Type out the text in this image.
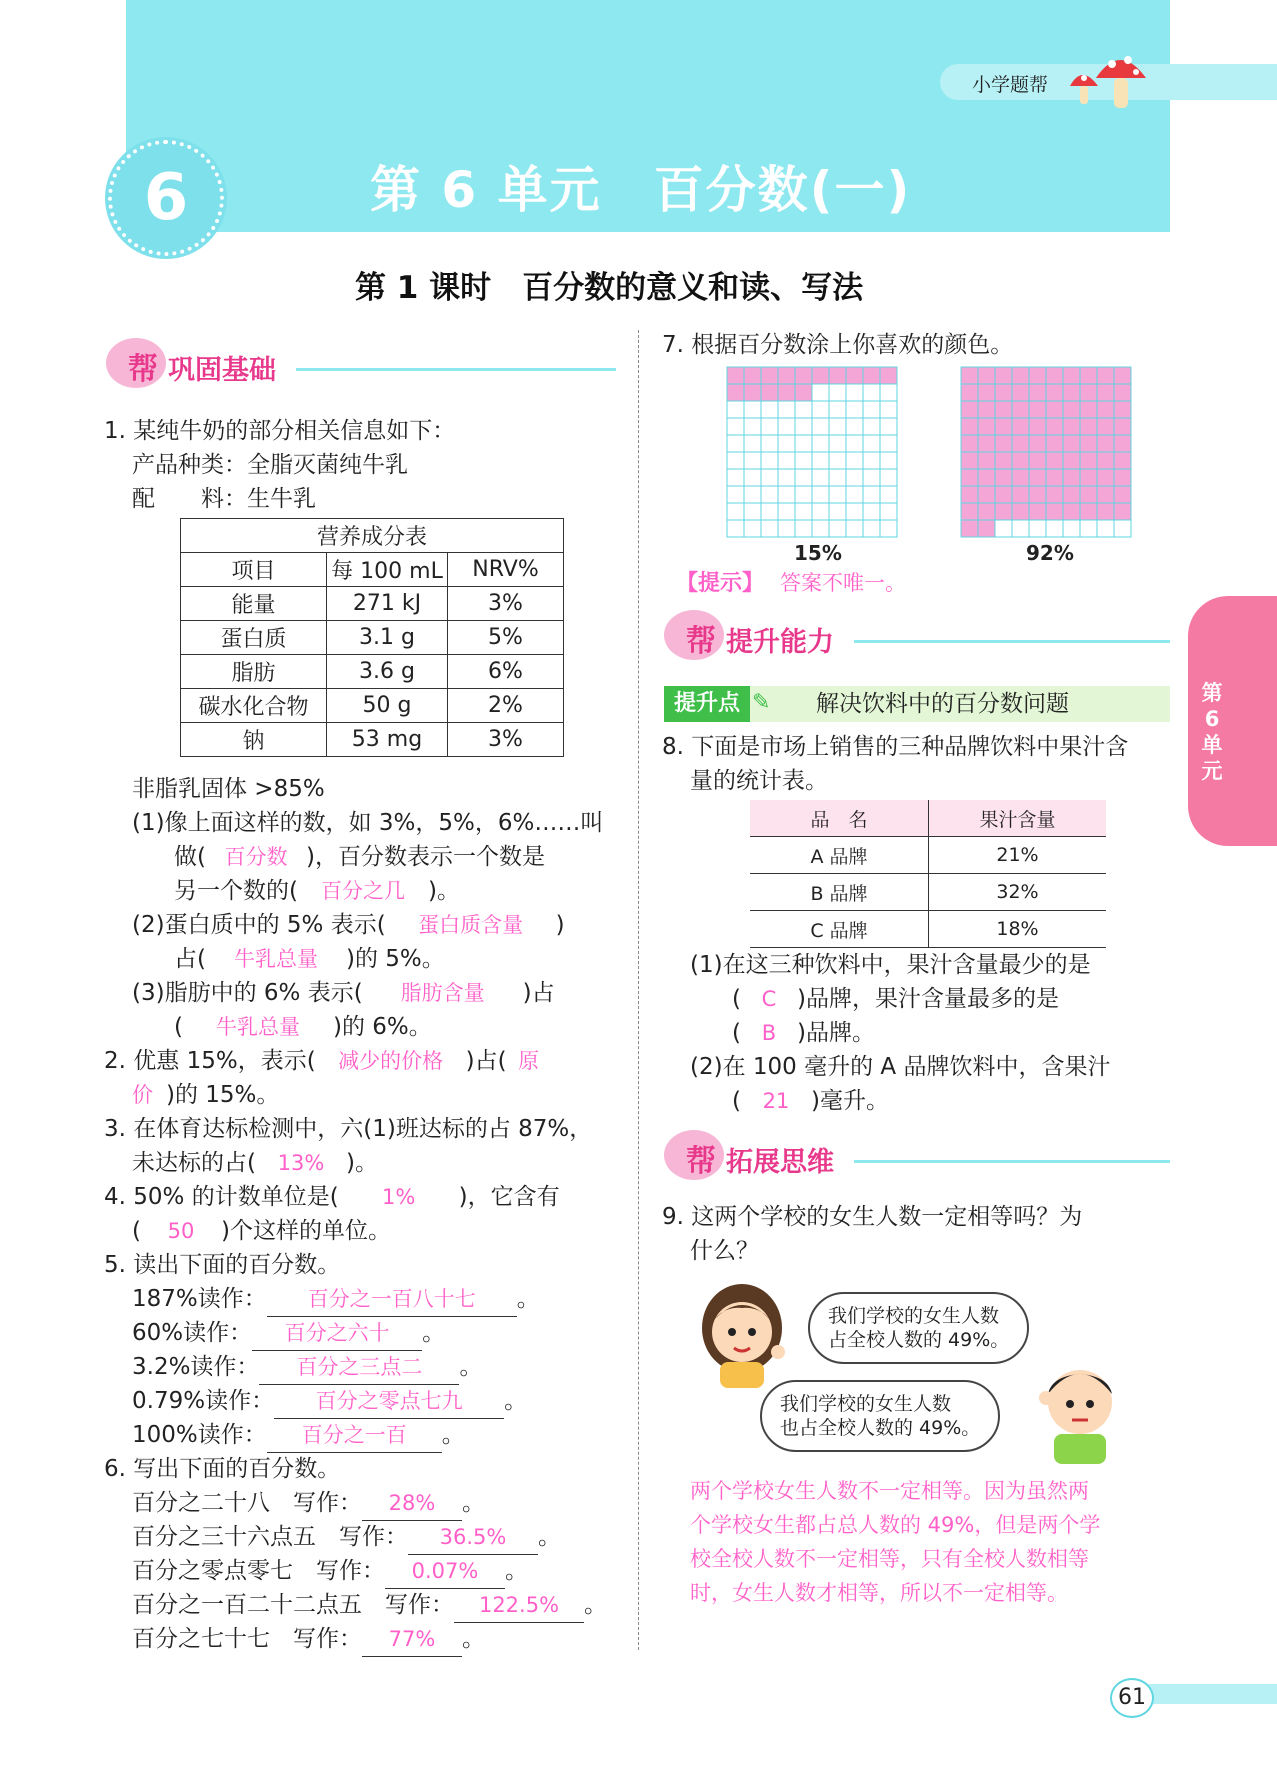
小学题帮
6	第 6 单元　百分数(一)
第 1 课时　百分数的意义和读、写法
第6单元
帮 巩固基础
1. 某纯牛奶的部分相关信息如下：
产品种类：全脂灭菌纯牛乳
配　　料：生牛乳
营养成分表		
项目	每 100 mL	NRV%
能量	271 kJ	3%
蛋白质	3.1 g	5%
脂肪	3.6 g	6%
碳水化合物	50 g	2%
钠	53 mg	3%
非脂乳固体 >85%
(1)像上面这样的数，如 3%，5%，6%……叫
做( 百分数 )，百分数表示一个数是
另一个数的( 百分之几 )。
(2)蛋白质中的 5% 表示( 蛋白质含量 )
占( 牛乳总量 )的 5%。
(3)脂肪中的 6% 表示( 脂肪含量 )占
( 牛乳总量 )的 6%。
2. 优惠 15%，表示( 减少的价格 )占( 原
价 )的 15%。
3. 在体育达标检测中，六(1)班达标的占 87%，
未达标的占( 13% )。
4. 50% 的计数单位是( 1% )，它含有
( 50 )个这样的单位。
5. 读出下面的百分数。
187%读作： 百分之一百八十七 。
60%读作： 百分之六十 。
3.2%读作： 百分之三点二 。
0.79%读作： 百分之零点七九 。
100%读作： 百分之一百 。
6. 写出下面的百分数。
百分之二十八　写作： 28% 。
百分之三十六点五　写作： 36.5% 。
百分之零点零七　写作： 0.07% 。
百分之一百二十二点五　写作： 122.5% 。
百分之七十七　写作： 77% 。
7. 根据百分数涂上你喜欢的颜色。
15%	92%
【提示】 答案不唯一。
帮 提升能力
提升点 ✎ 解决饮料中的百分数问题
8. 下面是市场上销售的三种品牌饮料中果汁含
量的统计表。
品　名	果汁含量
A 品牌	21%
B 品牌	32%
C 品牌	18%
(1)在这三种饮料中，果汁含量最少的是
( C )品牌，果汁含量最多的是
( B )品牌。
(2)在 100 毫升的 A 品牌饮料中，含果汁
( 21 )毫升。
帮 拓展思维
9. 这两个学校的女生人数一定相等吗？为
什么？
我们学校的女生人数
占全校人数的 49%。
我们学校的女生人数
也占全校人数的 49%。
两个学校女生人数不一定相等。因为虽然两
个学校女生都占总人数的 49%，但是两个学
校全校人数不一定相等，只有全校人数相等
时，女生人数才相等，所以不一定相等。
61
